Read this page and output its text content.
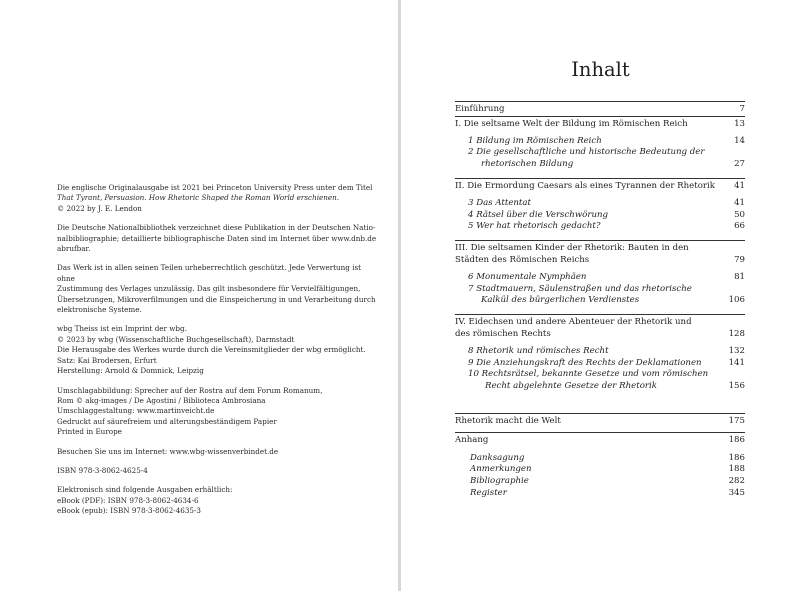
Die englische Originalausgabe ist 2021 bei Princeton University Press unter dem Titel
That Tyrant, Persuasion. How Rhetoric Shaped the Roman World erschienen.
© 2022 by J. E. Lendon

Die Deutsche Nationalbibliothek verzeichnet diese Publikation in der Deutschen Natio-
nalbibliographie; detaillierte bibliographische Daten sind im Internet über www.dnb.de
abrufbar.

Das Werk ist in allen seinen Teilen urheberrechtlich geschützt. Jede Verwertung ist ohne
Zustimmung des Verlages unzulässig. Das gilt insbesondere für Vervielfältigungen,
Übersetzungen, Mikroverfilmungen und die Einspeicherung in und Verarbeitung durch
elektronische Systeme.

wbg Theiss ist ein Imprint der wbg.
© 2023 by wbg (Wissenschaftliche Buchgesellschaft), Darmstadt
Die Herausgabe des Werkes wurde durch die Vereinsmitglieder der wbg ermöglicht.
Satz: Kai Brodersen, Erfurt
Herstellung: Arnold & Domnick, Leipzig

Umschlagabbildung: Sprecher auf der Rostra auf dem Forum Romanum,
Rom © akg-images / De Agostini / Biblioteca Ambrosiana
Umschlaggestaltung: www.martinveicht.de
Gedruckt auf säurefreiem und alterungsbeständigem Papier
Printed in Europe

Besuchen Sie uns im Internet: www.wbg-wissenverbindet.de

ISBN 978-3-8062-4625-4

Elektronisch sind folgende Ausgaben erhältlich:
eBook (PDF): ISBN 978-3-8062-4634-6
eBook (epub): ISBN 978-3-8062-4635-3

Inhalt
Einführung	7
I. Die seltsame Welt der Bildung im Römischen Reich	13
1 Bildung im Römischen Reich	14
2 Die gesellschaftliche und historische Bedeutung der
rhetorischen Bildung	27
II. Die Ermordung Caesars als eines Tyrannen der Rhetorik	41
3 Das Attentat	41
4 Rätsel über die Verschwörung	50
5 Wer hat rhetorisch gedacht?	66
III. Die seltsamen Kinder der Rhetorik: Bauten in den
Städten des Römischen Reichs	79
6 Monumentale Nymphäen	81
7 Stadtmauern, Säulenstraßen und das rhetorische
Kalkül des bürgerlichen Verdienstes	106
IV. Eidechsen und andere Abenteuer der Rhetorik und
des römischen Rechts	128
8 Rhetorik und römisches Recht	132
9 Die Anziehungskraft des Rechts der Deklamationen	141
10 Rechtsrätsel, bekannte Gesetze und vom römischen
Recht abgelehnte Gesetze der Rhetorik	156
Rhetorik macht die Welt	175
Anhang	186
Danksagung	186
Anmerkungen	188
Bibliographie	282
Register	345
